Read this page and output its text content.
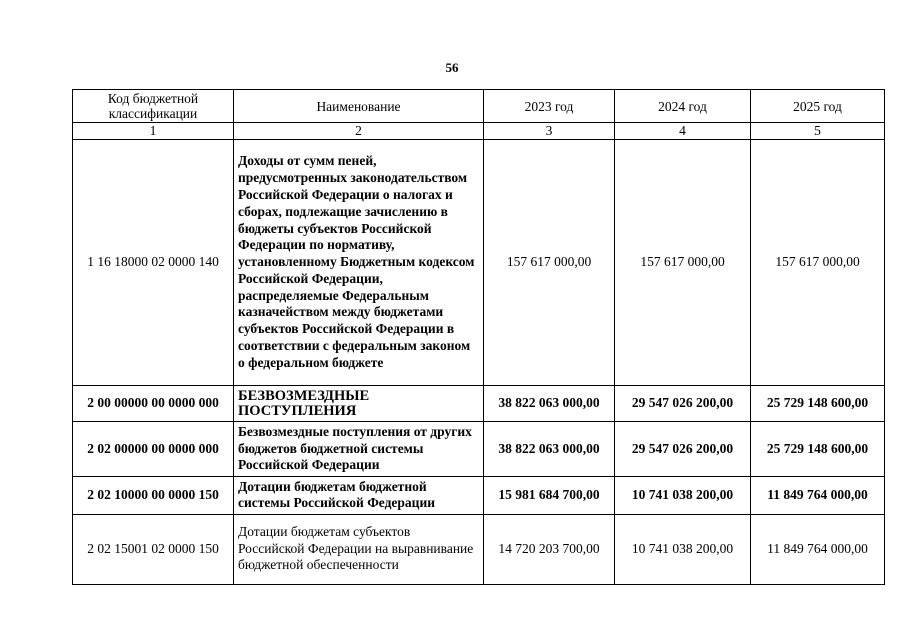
56
Код бюджетной классификации	Наименование	2023 год	2024 год	2025 год
1	2	3	4	5
1 16 18000 02 0000 140	Доходы от сумм пеней, предусмотренных законодательством Российской Федерации о налогах и сборах, подлежащие зачислению в бюджеты субъектов Российской Федерации по нормативу, установленному Бюджетным кодексом Российской Федерации, распределяемые Федеральным казначейством между бюджетами субъектов Российской Федерации в соответствии с федеральным законом о федеральном бюджете	157 617 000,00	157 617 000,00	157 617 000,00
2 00 00000 00 0000 000	БЕЗВОЗМЕЗДНЫЕ ПОСТУПЛЕНИЯ	38 822 063 000,00	29 547 026 200,00	25 729 148 600,00
2 02 00000 00 0000 000	Безвозмездные поступления от других бюджетов бюджетной системы Российской Федерации	38 822 063 000,00	29 547 026 200,00	25 729 148 600,00
2 02 10000 00 0000 150	Дотации бюджетам бюджетной системы Российской Федерации	15 981 684 700,00	10 741 038 200,00	11 849 764 000,00
2 02 15001 02 0000 150	Дотации бюджетам субъектов Российской Федерации на выравнивание бюджетной обеспеченности	14 720 203 700,00	10 741 038 200,00	11 849 764 000,00
